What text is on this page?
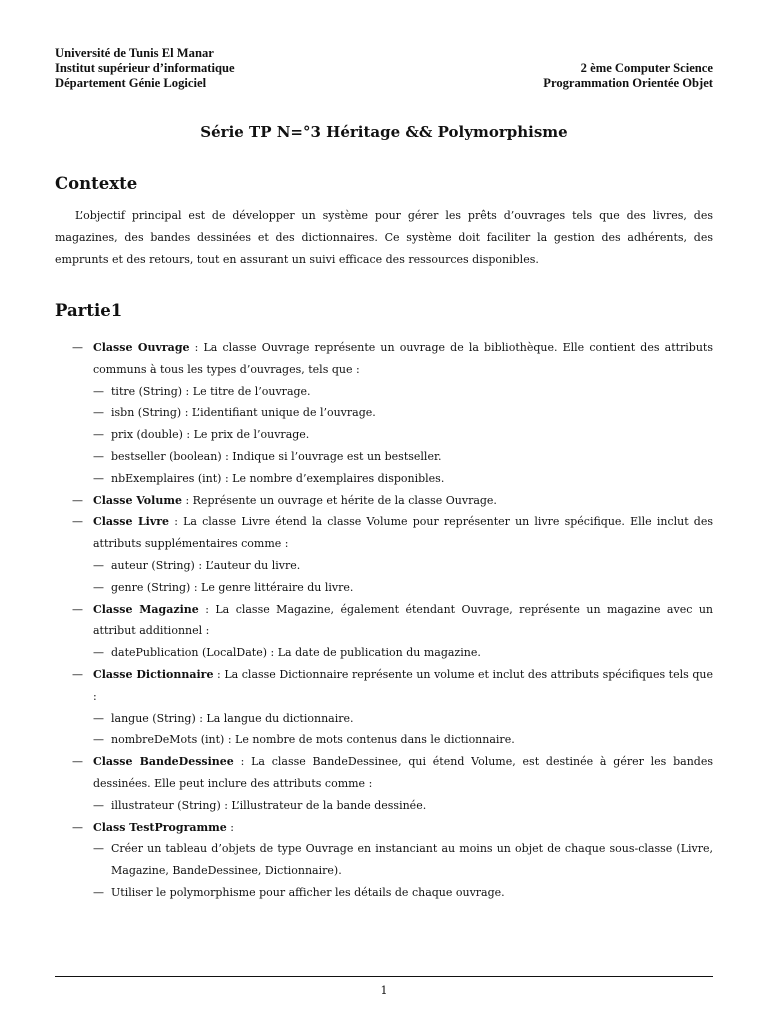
Université de Tunis El Manar
Institut supérieur d’informatique
Département Génie Logiciel
2 ème Computer Science
Programmation Orientée Objet
Série TP N=°3 Héritage && Polymorphisme
Contexte
L’objectif principal est de développer un système pour gérer les prêts d’ouvrages tels que des livres, des magazines, des bandes dessinées et des dictionnaires. Ce système doit faciliter la gestion des adhérents, des emprunts et des retours, tout en assurant un suivi efficace des ressources disponibles.
Partie1
— Classe Ouvrage : La classe Ouvrage représente un ouvrage de la bibliothèque. Elle contient des attributs communs à tous les types d’ouvrages, tels que :
— titre (String) : Le titre de l’ouvrage.
— isbn (String) : L’identifiant unique de l’ouvrage.
— prix (double) : Le prix de l’ouvrage.
— bestseller (boolean) : Indique si l’ouvrage est un bestseller.
— nbExemplaires (int) : Le nombre d’exemplaires disponibles.
— Classe Volume : Représente un ouvrage et hérite de la classe Ouvrage.
— Classe Livre : La classe Livre étend la classe Volume pour représenter un livre spécifique. Elle inclut des attributs supplémentaires comme :
— auteur (String) : L’auteur du livre.
— genre (String) : Le genre littéraire du livre.
— Classe Magazine : La classe Magazine, également étendant Ouvrage, représente un magazine avec un attribut additionnel :
— datePublication (LocalDate) : La date de publication du magazine.
— Classe Dictionnaire : La classe Dictionnaire représente un volume et inclut des attributs spécifiques tels que :
— langue (String) : La langue du dictionnaire.
— nombreDeMots (int) : Le nombre de mots contenus dans le dictionnaire.
— Classe BandeDessinee : La classe BandeDessinee, qui étend Volume, est destinée à gérer les bandes dessinées. Elle peut inclure des attributs comme :
— illustrateur (String) : L’illustrateur de la bande dessinée.
— Class TestProgramme :
— Créer un tableau d’objets de type Ouvrage en instanciant au moins un objet de chaque sous-classe (Livre, Magazine, BandeDessinee, Dictionnaire).
— Utiliser le polymorphisme pour afficher les détails de chaque ouvrage.
1
